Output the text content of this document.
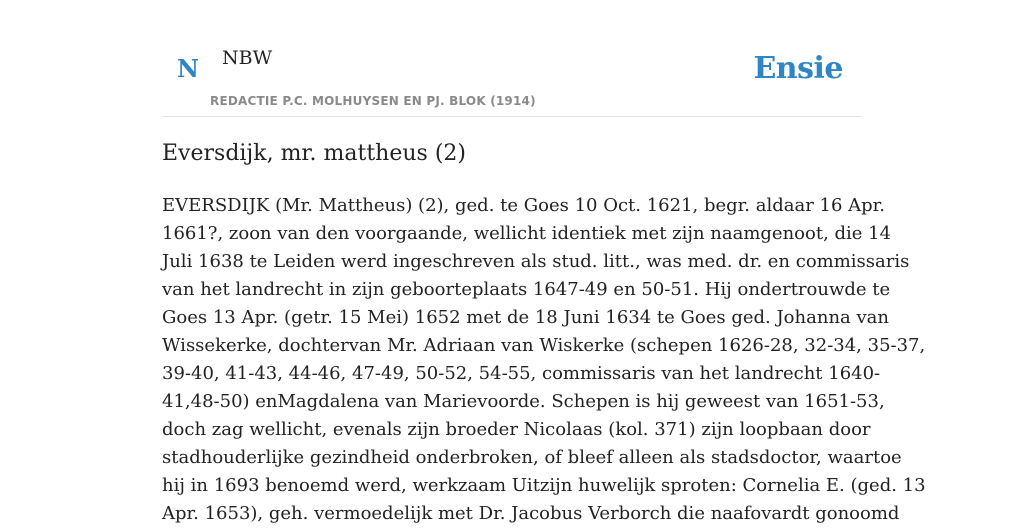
N NBW
REDACTIE P.C. MOLHUYSEN EN PJ. BLOK (1914)
Ensie
Eversdijk, mr. mattheus (2)
EVERSDIJK (Mr. Mattheus) (2), ged. te Goes 10 Oct. 1621, begr. aldaar 16 Apr.
1661?, zoon van den voorgaande, wellicht identiek met zijn naamgenoot, die 14
Juli 1638 te Leiden werd ingeschreven als stud. litt., was med. dr. en commissaris
van het landrecht in zijn geboorteplaats 1647-49 en 50-51. Hij ondertrouwde te
Goes 13 Apr. (getr. 15 Mei) 1652 met de 18 Juni 1634 te Goes ged. Johanna van
Wissekerke, dochtervan Mr. Adriaan van Wiskerke (schepen 1626-28, 32-34, 35-37,
39-40, 41-43, 44-46, 47-49, 50-52, 54-55, commissaris van het landrecht 1640-
41,48-50) enMagdalena van Marievoorde. Schepen is hij geweest van 1651-53,
doch zag wellicht, evenals zijn broeder Nicolaas (kol. 371) zijn loopbaan door
stadhouderlijke gezindheid onderbroken, of bleef alleen als stadsdoctor, waartoe
hij in 1693 benoemd werd, werkzaam Uitzijn huwelijk sproten: Cornelia E. (ged. 13
Apr. 1653), geh. vermoedelijk met Dr. Jacobus Verborch die naafovardt gonoomd
